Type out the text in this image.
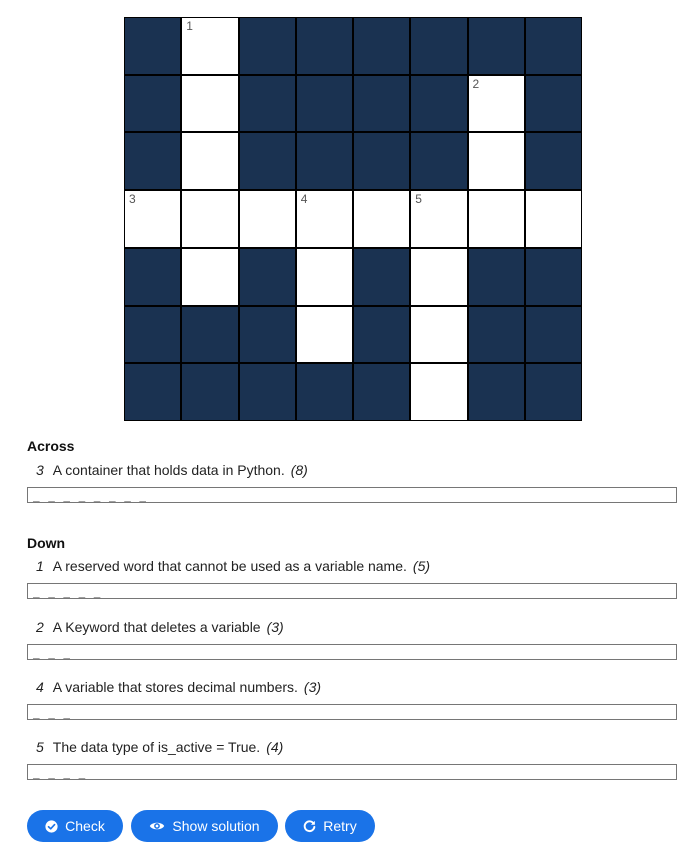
1
2
3	4	5
Across
3 A container that holds data in Python. (8)
_ _ _ _ _ _ _ _
Down
1 A reserved word that cannot be used as a variable name. (5)
_ _ _ _ _
2 A Keyword that deletes a variable (3)
_ _ _
4 A variable that stores decimal numbers. (3)
_ _ _
5 The data type of is_active = True. (4)
_ _ _ _
Check	Show solution	Retry
